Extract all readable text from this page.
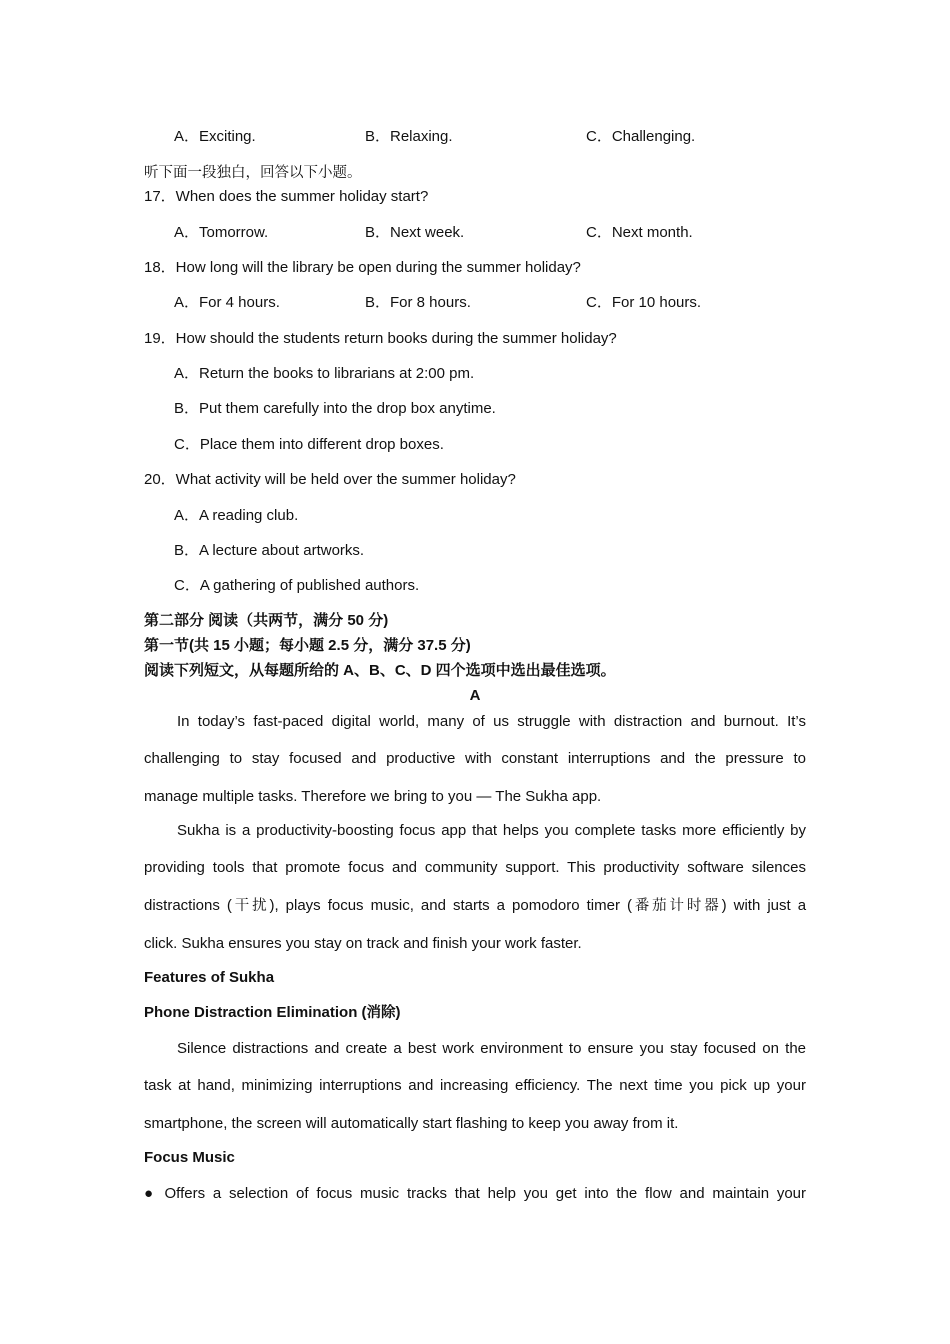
A．Exciting.	B．Relaxing.	C．Challenging.
听下面一段独白，回答以下小题。
17．When does the summer holiday start?
A．Tomorrow.	B．Next week.	C．Next month.
18．How long will the library be open during the summer holiday?
A．For 4 hours.	B．For 8 hours.	C．For 10 hours.
19．How should the students return books during the summer holiday?
A．Return the books to librarians at 2:00 pm.
B．Put them carefully into the drop box anytime.
C．Place them into different drop boxes.
20．What activity will be held over the summer holiday?
A．A reading club.
B．A lecture about artworks.
C．A gathering of published authors.
第二部分 阅读（共两节，满分 50 分)
第一节(共 15 小题；每小题 2.5 分，满分 37.5 分)
阅读下列短文，从每题所给的 A、B、C、D 四个选项中选出最佳选项。
A
In today’s fast-paced digital world, many of us struggle with distraction and burnout. It’s
challenging to stay focused and productive with constant interruptions and the pressure to
manage multiple tasks. Therefore we bring to you — The Sukha app.
Sukha is a productivity-boosting focus app that helps you complete tasks more efficiently by
providing tools that promote focus and community support. This productivity software silences
distractions (干扰), plays focus music, and starts a pomodoro timer (番茄计时器) with just a
click. Sukha ensures you stay on track and finish your work faster.
Features of Sukha
Phone Distraction Elimination (消除)
Silence distractions and create a best work environment to ensure you stay focused on the
task at hand, minimizing interruptions and increasing efficiency. The next time you pick up your
smartphone, the screen will automatically start flashing to keep you away from it.
Focus Music
● Offers a selection of focus music tracks that help you get into the flow and maintain your
